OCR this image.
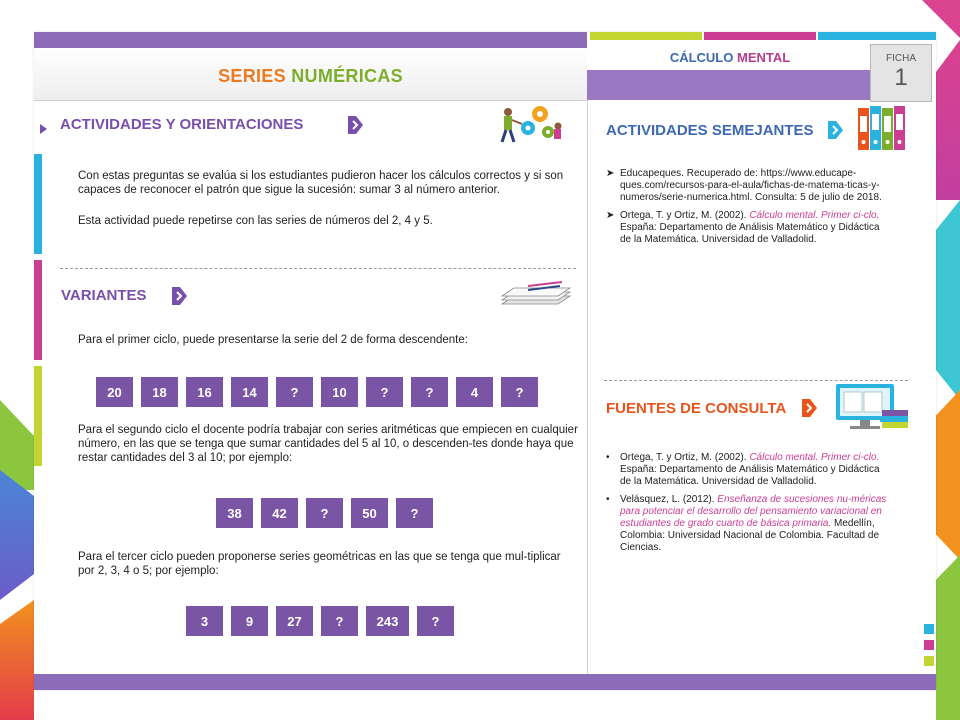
SERIES NUMÉRICAS
CÁLCULO MENTAL	FICHA
1
ACTIVIDADES Y ORIENTACIONES
Con estas preguntas se evalúa si los estudiantes pudieron hacer los cálculos correctos y si son capaces de reconocer el patrón que sigue la sucesión: sumar 3 al número anterior.
Esta actividad puede repetirse con las series de números del 2, 4 y 5.
VARIANTES
Para el primer ciclo, puede presentarse la serie del 2 de forma descendente:
20	18	16	14	?	10	?	?	4	?
Para el segundo ciclo el docente podría trabajar con series aritméticas que empiecen en cualquier número, en las que se tenga que sumar cantidades del 5 al 10, o descenden-tes donde haya que restar cantidades del 3 al 10; por ejemplo:
38	42	?	50	?
Para el tercer ciclo pueden proponerse series geométricas en las que se tenga que mul-tiplicar por 2, 3, 4 o 5; por ejemplo:
3	9	27	?	243	?
ACTIVIDADES SEMEJANTES
➤ Educapeques. Recuperado de: https://www.educape-ques.com/recursos-para-el-aula/fichas-de-matema-ticas-y-numeros/serie-numerica.html. Consulta: 5 de julio de 2018.
➤ Ortega, T. y Ortiz, M. (2002). Cálculo mental. Primer ci-clo. España: Departamento de Análisis Matemático y Didáctica de la Matemática. Universidad de Valladolid.
FUENTES DE CONSULTA
• Ortega, T. y Ortiz, M. (2002). Cálculo mental. Primer ci-clo. España: Departamento de Análisis Matemático y Didáctica de la Matemática. Universidad de Valladolid.
• Velásquez, L. (2012). Enseñanza de sucesiones nu-méricas para potenciar el desarrollo del pensamiento variacional en estudiantes de grado cuarto de básica primaria. Medellín, Colombia: Universidad Nacional de Colombia. Facultad de Ciencias.
